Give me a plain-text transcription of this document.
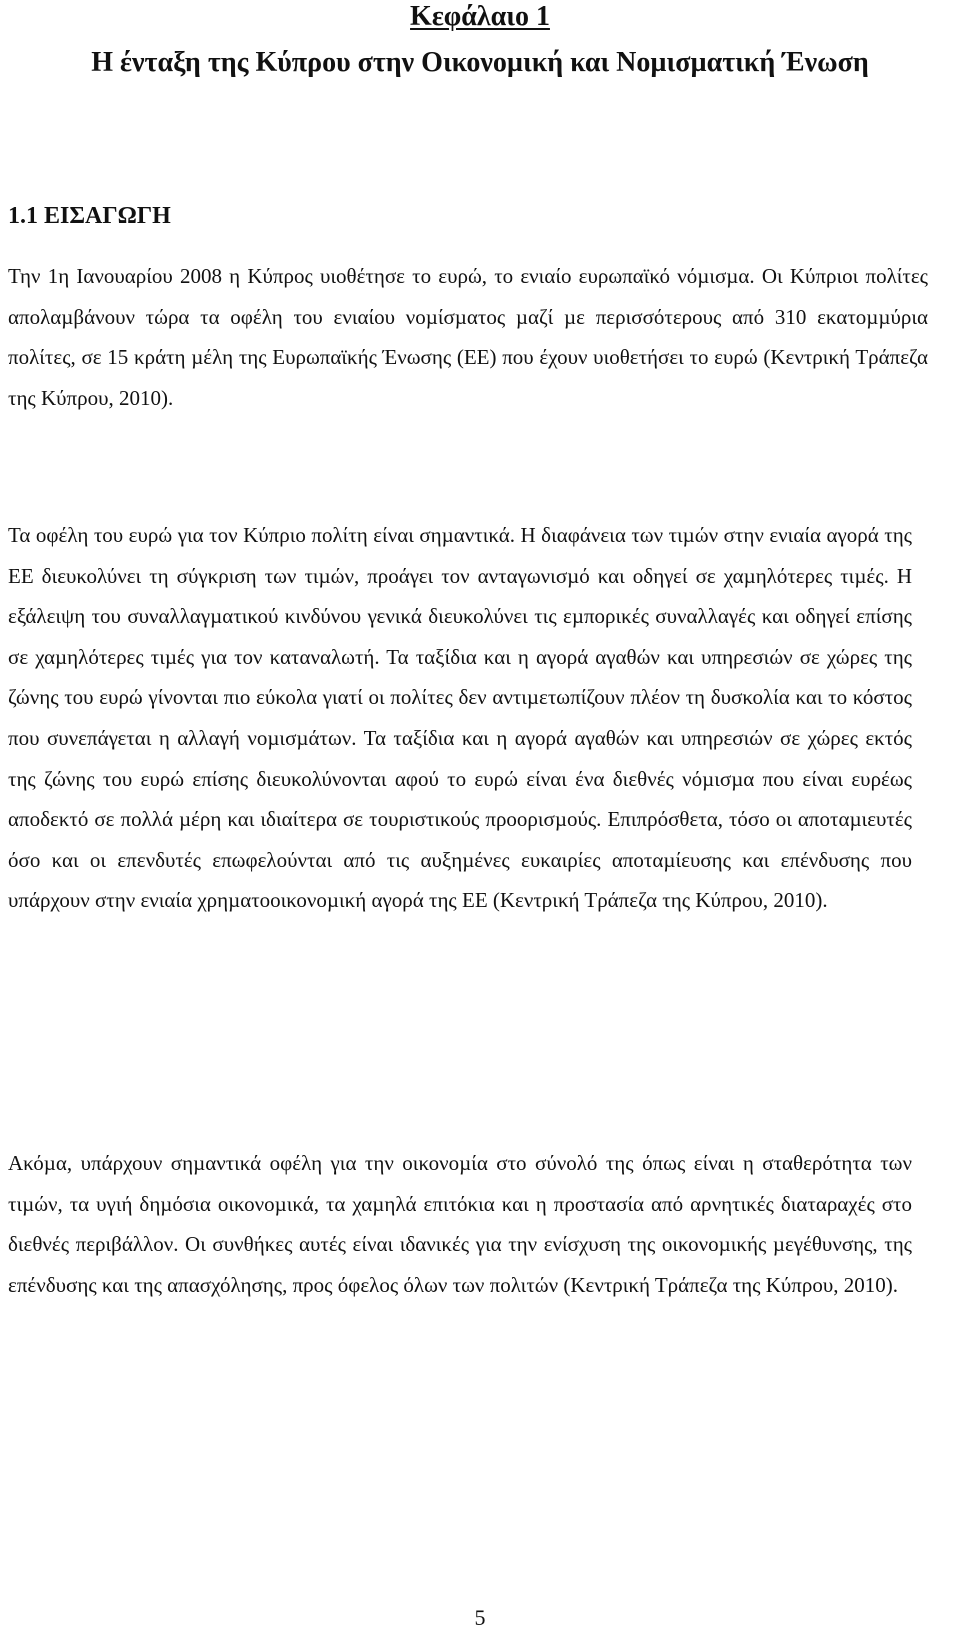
Κεφάλαιο 1
Η ένταξη της Κύπρου στην Οικονοµική και Νοµισµατική Ένωση
1.1 ΕΙΣΑΓΩΓΗ

Την 1η Ιανουαρίου 2008 η Κύπρος υιοθέτησε το ευρώ, το ενιαίο ευρωπαϊκό νόµισµα. Οι Κύπριοι πολίτες απολαµβάνουν τώρα τα οφέλη του ενιαίου νοµίσµατος µαζί µε περισσότερους από 310 εκατοµµύρια πολίτες, σε 15 κράτη µέλη της Ευρωπαϊκής Ένωσης (ΕΕ) που έχουν υιοθετήσει το ευρώ (Κεντρική Τράπεζα της Κύπρου, 2010).

Τα οφέλη του ευρώ για τον Κύπριο πολίτη είναι σηµαντικά. Η διαφάνεια των τιµών στην ενιαία αγορά της ΕΕ διευκολύνει τη σύγκριση των τιµών, προάγει τον ανταγωνισµό και οδηγεί σε χαµηλότερες τιµές. Η εξάλειψη του συναλλαγµατικού κινδύνου γενικά διευκολύνει τις εµπορικές συναλλαγές και οδηγεί επίσης σε χαµηλότερες τιµές για τον καταναλωτή. Τα ταξίδια και η αγορά αγαθών και υπηρεσιών σε χώρες της ζώνης του ευρώ γίνονται πιο εύκολα γιατί οι πολίτες δεν αντιµετωπίζουν πλέον τη δυσκολία και το κόστος που συνεπάγεται η αλλαγή νοµισµάτων. Τα ταξίδια και η αγορά αγαθών και υπηρεσιών σε χώρες εκτός της ζώνης του ευρώ επίσης διευκολύνονται αφού το ευρώ είναι ένα διεθνές νόµισµα που είναι ευρέως αποδεκτό σε πολλά µέρη και ιδιαίτερα σε τουριστικούς προορισµούς. Επιπρόσθετα, τόσο οι αποταµιευτές όσο και οι επενδυτές επωφελούνται από τις αυξηµένες ευκαιρίες αποταµίευσης και επένδυσης που υπάρχουν στην ενιαία χρηµατοοικονοµική αγορά της ΕΕ (Κεντρική Τράπεζα της Κύπρου, 2010).

Ακόµα, υπάρχουν σηµαντικά οφέλη για την οικονοµία στο σύνολό της όπως είναι η σταθερότητα των τιµών, τα υγιή δηµόσια οικονοµικά, τα χαµηλά επιτόκια και η προστασία από αρνητικές διαταραχές στο διεθνές περιβάλλον. Οι συνθήκες αυτές είναι ιδανικές για την ενίσχυση της οικονοµικής µεγέθυνσης, της επένδυσης και της απασχόλησης, προς όφελος όλων των πολιτών (Κεντρική Τράπεζα της Κύπρου, 2010).

5
